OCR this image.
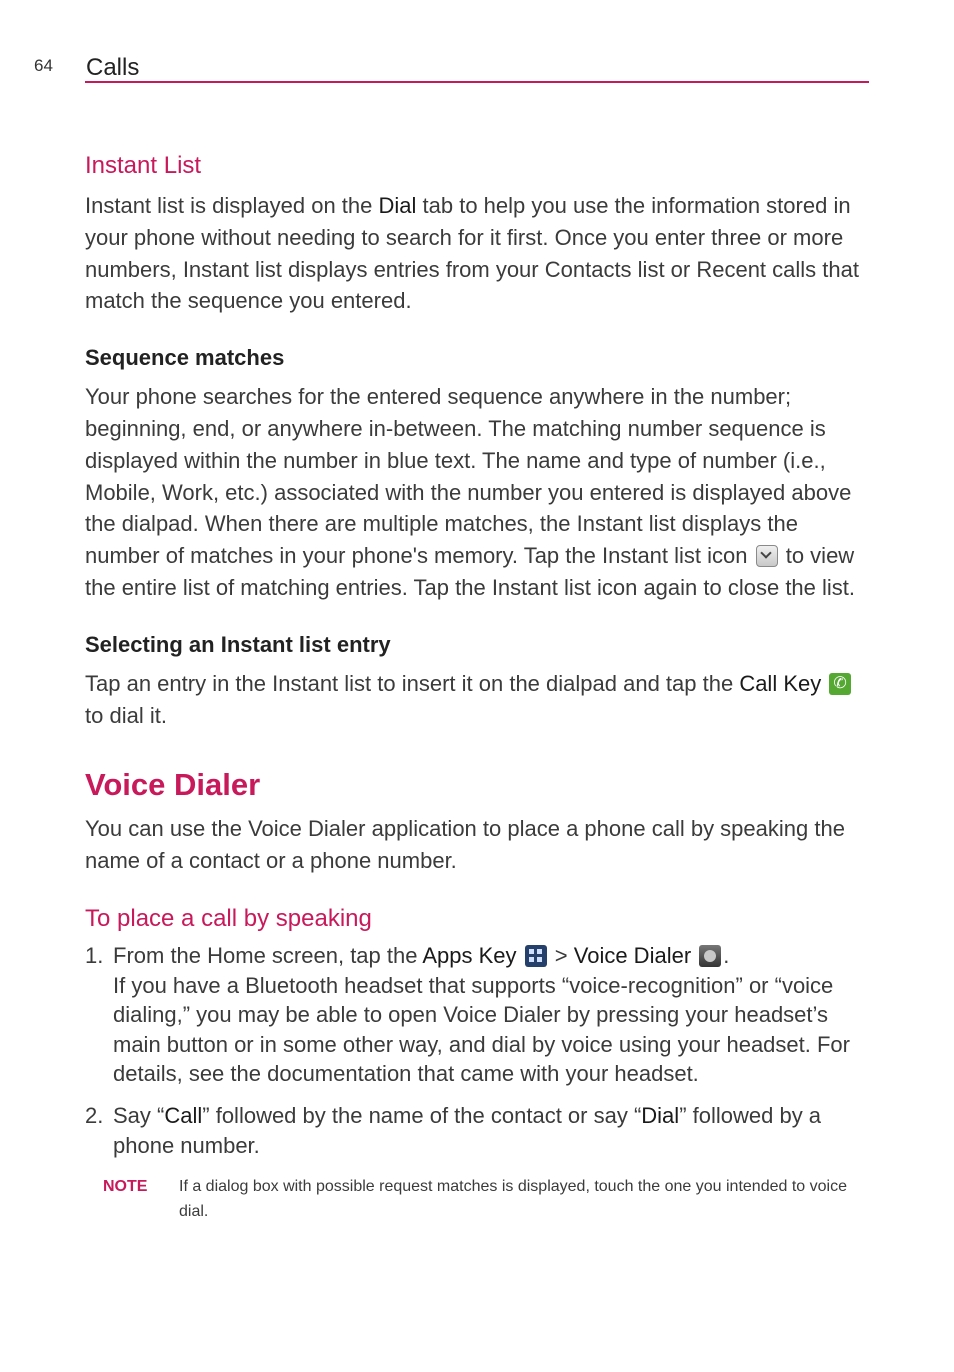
64 Calls
Instant List

Instant list is displayed on the Dial tab to help you use the information stored in your phone without needing to search for it first. Once you enter three or more numbers, Instant list displays entries from your Contacts list or Recent calls that match the sequence you entered.

Sequence matches

Your phone searches for the entered sequence anywhere in the number; beginning, end, or anywhere in-between. The matching number sequence is displayed within the number in blue text. The name and type of number (i.e., Mobile, Work, etc.) associated with the number you entered is displayed above the dialpad. When there are multiple matches, the Instant list displays the number of matches in your phone's memory. Tap the Instant list icon  to view the entire list of matching entries. Tap the Instant list icon again to close the list.

Selecting an Instant list entry

Tap an entry in the Instant list to insert it on the dialpad and tap the Call Key ✆ to dial it.

Voice Dialer

You can use the Voice Dialer application to place a phone call by speaking the name of a contact or a phone number.

To place a call by speaking
1. From the Home screen, tap the Apps Key  > Voice Dialer .
If you have a Bluetooth headset that supports “voice-recognition” or “voice dialing,” you may be able to open Voice Dialer by pressing your headset’s main button or in some other way, and dial by voice using your headset. For details, see the documentation that came with your headset.
2. Say “Call” followed by the name of the contact or say “Dial” followed by a phone number.
NOTE If a dialog box with possible request matches is displayed, touch the one you intended to voice dial.
